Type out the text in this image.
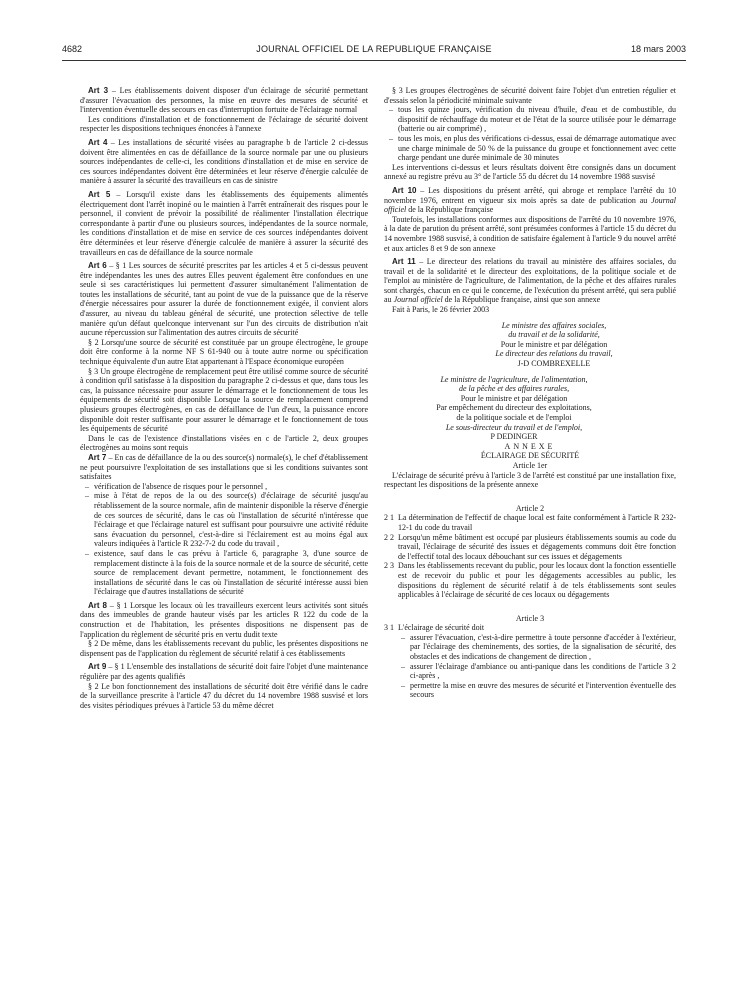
4682	JOURNAL OFFICIEL DE LA REPUBLIQUE FRANÇAISE	18 mars 2003

Art 3 – Les établissements doivent disposer d'un éclairage de sécurité permettant d'assurer l'évacuation des personnes, la mise en œuvre des mesures de sécurité et l'intervention éventuelle des secours en cas d'interruption fortuite de l'éclairage normal

Les conditions d'installation et de fonctionnement de l'éclairage de sécurité doivent respecter les dispositions techniques énoncées à l'annexe

Art 4 – Les installations de sécurité visées au paragraphe b de l'article 2 ci-dessus doivent être alimentées en cas de défaillance de la source normale par une ou plusieurs sources indépendantes de celle-ci, les conditions d'installation et de mise en service de ces sources indépendantes doivent être déterminées et leur réserve d'énergie calculée de manière à assurer la sécurité des travailleurs en cas de sinistre

Art 5 – Lorsqu'il existe dans les établissements des équipements alimentés électriquement dont l'arrêt inopiné ou le maintien à l'arrêt entraînerait des risques pour le personnel, il convient de prévoir la possibilité de réalimenter l'installation électrique correspondante à partir d'une ou plusieurs sources, indépendantes de la source normale, les conditions d'installation et de mise en service de ces sources indépendantes doivent être déterminées et leur réserve d'énergie calculée de manière à assurer la sécurité des travailleurs en cas de défaillance de la source normale

Art 6 – § 1 Les sources de sécurité prescrites par les articles 4 et 5 ci-dessus peuvent être indépendantes les unes des autres Elles peuvent également être confondues en une seule si ses caractéristiques lui permettent d'assurer simultanément l'alimentation de toutes les installations de sécurité, tant au point de vue de la puissance que de la réserve d'énergie nécessaires pour assurer la durée de fonctionnement exigée, il convient alors d'assurer, au niveau du tableau général de sécurité, une protection sélective de telle manière qu'un défaut quelconque intervenant sur l'un des circuits de distribution n'ait aucune répercussion sur l'alimentation des autres circuits de sécurité

§ 2 Lorsqu'une source de sécurité est constituée par un groupe électrogène, le groupe doit être conforme à la norme NF S 61-940 ou à toute autre norme ou spécification technique équivalente d'un autre Etat appartenant à l'Espace économique européen

§ 3 Un groupe électrogène de remplacement peut être utilisé comme source de sécurité à condition qu'il satisfasse à la disposition du paragraphe 2 ci-dessus et que, dans tous les cas, la puissance nécessaire pour assurer le démarrage et le fonctionnement de tous les équipements de sécurité soit disponible Lorsque la source de remplacement comprend plusieurs groupes électrogènes, en cas de défaillance de l'un d'eux, la puissance encore disponible doit rester suffisante pour assurer le démarrage et le fonctionnement de tous les équipements de sécurité

Dans le cas de l'existence d'installations visées en c de l'article 2, deux groupes électrogènes au moins sont requis

Art 7 – En cas de défaillance de la ou des source(s) normale(s), le chef d'établissement ne peut poursuivre l'exploitation de ses installations que si les conditions suivantes sont satisfaites

– vérification de l'absence de risques pour le personnel ,
– mise à l'état de repos de la ou des source(s) d'éclairage de sécurité jusqu'au rétablissement de la source normale, afin de maintenir disponible la réserve d'énergie de ces sources de sécurité, dans le cas où l'installation de sécurité n'intéresse que l'éclairage et que l'éclairage naturel est suffisant pour poursuivre une activité réduite sans évacuation du personnel, c'est-à-dire si l'éclairement est au moins égal aux valeurs indiquées à l'article R 232-7-2 du code du travail ,
– existence, sauf dans le cas prévu à l'article 6, paragraphe 3, d'une source de remplacement distincte à la fois de la source normale et de la source de sécurité, cette source de remplacement devant permettre, notamment, le fonctionnement des installations de sécurité dans le cas où l'installation de sécurité intéresse aussi bien l'éclairage que d'autres installations de sécurité

Art 8 – § 1 Lorsque les locaux où les travailleurs exercent leurs activités sont situés dans des immeubles de grande hauteur visés par les articles R 122 du code de la construction et de l'habitation, les présentes dispositions ne dispensent pas de l'application du règlement de sécurité pris en vertu dudit texte

§ 2 De même, dans les établissements recevant du public, les présentes dispositions ne dispensent pas de l'application du règlement de sécurité relatif à ces établissements

Art 9 – § 1 L'ensemble des installations de sécurité doit faire l'objet d'une maintenance régulière par des agents qualifiés

§ 2 Le bon fonctionnement des installations de sécurité doit être vérifié dans le cadre de la surveillance prescrite à l'article 47 du décret du 14 novembre 1988 susvisé et lors des visites périodiques prévues à l'article 53 du même décret

§ 3 Les groupes électrogènes de sécurité doivent faire l'objet d'un entretien régulier et d'essais selon la périodicité minimale suivante

– tous les quinze jours, vérification du niveau d'huile, d'eau et de combustible, du dispositif de réchauffage du moteur et de l'état de la source utilisée pour le démarrage (batterie ou air comprimé) ,
– tous les mois, en plus des vérifications ci-dessus, essai de démarrage automatique avec une charge minimale de 50 % de la puissance du groupe et fonctionnement avec cette charge pendant une durée minimale de 30 minutes

Les interventions ci-dessus et leurs résultats doivent être consignés dans un document annexé au registre prévu au 3° de l'article 55 du décret du 14 novembre 1988 susvisé

Art 10 – Les dispositions du présent arrêté, qui abroge et remplace l'arrêté du 10 novembre 1976, entrent en vigueur six mois après sa date de publication au Journal officiel de la République française

Toutefois, les installations conformes aux dispositions de l'arrêté du 10 novembre 1976, à la date de parution du présent arrêté, sont présumées conformes à l'article 15 du décret du 14 novembre 1988 susvisé, à condition de satisfaire également à l'article 9 du nouvel arrêté et aux articles 8 et 9 de son annexe

Art 11 – Le directeur des relations du travail au ministère des affaires sociales, du travail et de la solidarité et le directeur des exploitations, de la politique sociale et de l'emploi au ministère de l'agriculture, de l'alimentation, de la pêche et des affaires rurales sont chargés, chacun en ce qui le concerne, de l'exécution du présent arrêté, qui sera publié au Journal officiel de la République française, ainsi que son annexe

Fait à Paris, le 26 février 2003

Le ministre des affaires sociales,

du travail et de la solidarité,

Pour le ministre et par délégation

Le directeur des relations du travail,

J-D COMBREXELLE

Le ministre de l'agriculture, de l'alimentation,

de la pêche et des affaires rurales,

Pour le ministre et par délégation

Par empêchement du directeur des exploitations,

de la politique sociale et de l'emploi

Le sous-directeur du travail et de l'emploi,

P DEDINGER

ANNEXE

ÉCLAIRAGE DE SÉCURITÉ

Article 1er

L'éclairage de sécurité prévu à l'article 3 de l'arrêté est constitué par une installation fixe, respectant les dispositions de la présente annexe

Article 2

2 1 La détermination de l'effectif de chaque local est faite conformément à l'article R 232-12-1 du code du travail
2 2 Lorsqu'un même bâtiment est occupé par plusieurs établissements soumis au code du travail, l'éclairage de sécurité des issues et dégagements communs doit être fonction de l'effectif total des locaux débouchant sur ces issues et dégagements
2 3 Dans les établissements recevant du public, pour les locaux dont la fonction essentielle est de recevoir du public et pour les dégagements accessibles au public, les dispositions du règlement de sécurité relatif à de tels établissements sont seules applicables à l'éclairage de sécurité de ces locaux ou dégagements

Article 3

3 1 L'éclairage de sécurité doit
– assurer l'évacuation, c'est-à-dire permettre à toute personne d'accéder à l'extérieur, par l'éclairage des cheminements, des sorties, de la signalisation de sécurité, des obstacles et des indications de changement de direction ,
– assurer l'éclairage d'ambiance ou anti-panique dans les conditions de l'article 3 2 ci-après ,
– permettre la mise en œuvre des mesures de sécurité et l'intervention éventuelle des secours
